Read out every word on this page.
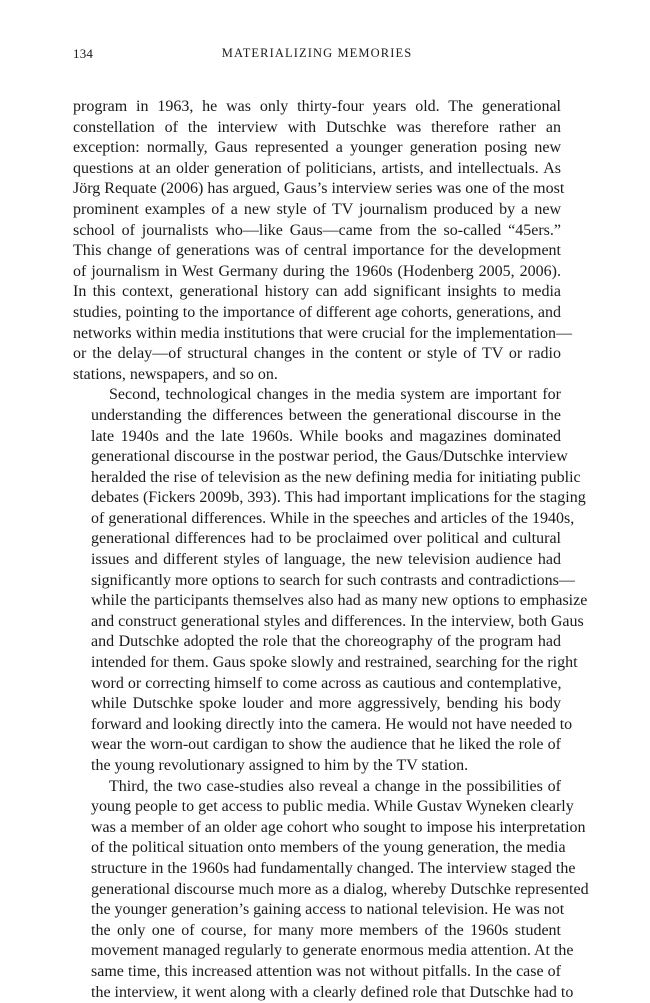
134	MATERIALIZING MEMORIES

program in 1963, he was only thirty-four years old. The generational
constellation of the interview with Dutschke was therefore rather an
exception: normally, Gaus represented a younger generation posing new
questions at an older generation of politicians, artists, and intellectuals. As
Jörg Requate (2006) has argued, Gaus’s interview series was one of the most
prominent examples of a new style of TV journalism produced by a new
school of journalists who—like Gaus—came from the so-called “45ers.”
This change of generations was of central importance for the development
of journalism in West Germany during the 1960s (Hodenberg 2005, 2006).
In this context, generational history can add significant insights to media
studies, pointing to the importance of different age cohorts, generations, and
networks within media institutions that were crucial for the implementation—
or the delay—of structural changes in the content or style of TV or radio
stations, newspapers, and so on.

Second, technological changes in the media system are important for
understanding the differences between the generational discourse in the
late 1940s and the late 1960s. While books and magazines dominated
generational discourse in the postwar period, the Gaus/Dutschke interview
heralded the rise of television as the new defining media for initiating public
debates (Fickers 2009b, 393). This had important implications for the staging
of generational differences. While in the speeches and articles of the 1940s,
generational differences had to be proclaimed over political and cultural
issues and different styles of language, the new television audience had
significantly more options to search for such contrasts and contradictions—
while the participants themselves also had as many new options to emphasize
and construct generational styles and differences. In the interview, both Gaus
and Dutschke adopted the role that the choreography of the program had
intended for them. Gaus spoke slowly and restrained, searching for the right
word or correcting himself to come across as cautious and contemplative,
while Dutschke spoke louder and more aggressively, bending his body
forward and looking directly into the camera. He would not have needed to
wear the worn-out cardigan to show the audience that he liked the role of
the young revolutionary assigned to him by the TV station.

Third, the two case-studies also reveal a change in the possibilities of
young people to get access to public media. While Gustav Wyneken clearly
was a member of an older age cohort who sought to impose his interpretation
of the political situation onto members of the young generation, the media
structure in the 1960s had fundamentally changed. The interview staged the
generational discourse much more as a dialog, whereby Dutschke represented
the younger generation’s gaining access to national television. He was not
the only one of course, for many more members of the 1960s student
movement managed regularly to generate enormous media attention. At the
same time, this increased attention was not without pitfalls. In the case of
the interview, it went along with a clearly defined role that Dutschke had to
